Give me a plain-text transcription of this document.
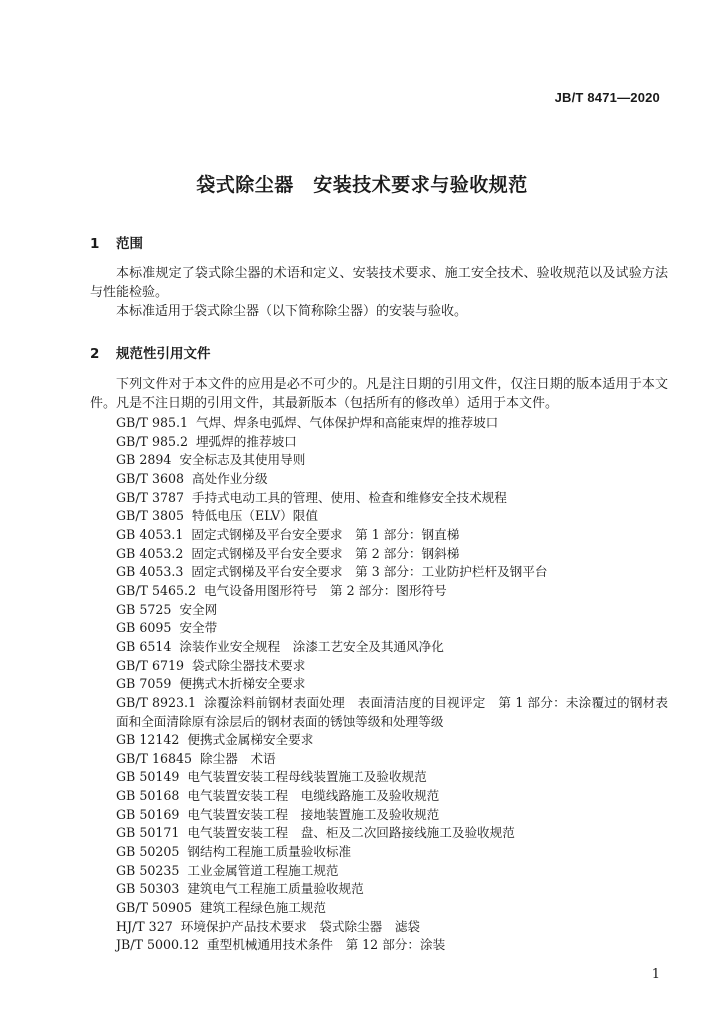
JB/T 8471—2020
袋式除尘器　安装技术要求与验收规范
1 范围
本标准规定了袋式除尘器的术语和定义、安装技术要求、施工安全技术、验收规范以及试验方法与性能检验。
本标准适用于袋式除尘器（以下简称除尘器）的安装与验收。
2 规范性引用文件
下列文件对于本文件的应用是必不可少的。凡是注日期的引用文件，仅注日期的版本适用于本文件。凡是不注日期的引用文件，其最新版本（包括所有的修改单）适用于本文件。
GB/T 985.1 气焊、焊条电弧焊、气体保护焊和高能束焊的推荐坡口
GB/T 985.2 埋弧焊的推荐坡口
GB 2894 安全标志及其使用导则
GB/T 3608 高处作业分级
GB/T 3787 手持式电动工具的管理、使用、检查和维修安全技术规程
GB/T 3805 特低电压（ELV）限值
GB 4053.1 固定式钢梯及平台安全要求　第 1 部分：钢直梯
GB 4053.2 固定式钢梯及平台安全要求　第 2 部分：钢斜梯
GB 4053.3 固定式钢梯及平台安全要求　第 3 部分：工业防护栏杆及钢平台
GB/T 5465.2 电气设备用图形符号　第 2 部分：图形符号
GB 5725 安全网
GB 6095 安全带
GB 6514 涂装作业安全规程　涂漆工艺安全及其通风净化
GB/T 6719 袋式除尘器技术要求
GB 7059 便携式木折梯安全要求
GB/T 8923.1 涂覆涂料前钢材表面处理　表面清洁度的目视评定　第 1 部分：未涂覆过的钢材表面和全面清除原有涂层后的钢材表面的锈蚀等级和处理等级
GB 12142 便携式金属梯安全要求
GB/T 16845 除尘器　术语
GB 50149 电气装置安装工程母线装置施工及验收规范
GB 50168 电气装置安装工程　电缆线路施工及验收规范
GB 50169 电气装置安装工程　接地装置施工及验收规范
GB 50171 电气装置安装工程　盘、柜及二次回路接线施工及验收规范
GB 50205 钢结构工程施工质量验收标准
GB 50235 工业金属管道工程施工规范
GB 50303 建筑电气工程施工质量验收规范
GB/T 50905 建筑工程绿色施工规范
HJ/T 327 环境保护产品技术要求　袋式除尘器　滤袋
JB/T 5000.12 重型机械通用技术条件　第 12 部分：涂装
1
